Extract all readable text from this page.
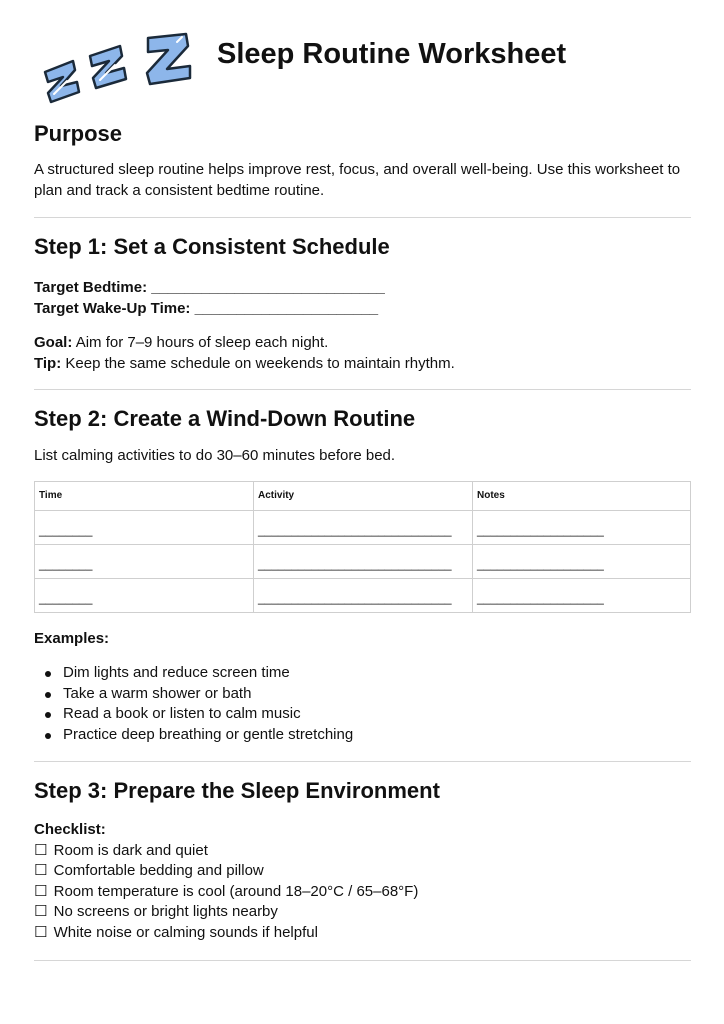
Sleep Routine Worksheet
Purpose

A structured sleep routine helps improve rest, focus, and overall well-being. Use this worksheet to plan and track a consistent bedtime routine.

Step 1: Set a Consistent Schedule
Target Bedtime: ____________________________
Target Wake-Up Time: ______________________
Goal: Aim for 7–9 hours of sleep each night.
Tip: Keep the same schedule on weekends to maintain rhythm.
Step 2: Create a Wind-Down Routine

List calming activities to do 30–60 minutes before bed.

Time	Activity	Notes
________	_____________________________	___________________
________	_____________________________	___________________
________	_____________________________	___________________

Examples:

Dim lights and reduce screen time
Take a warm shower or bath
Read a book or listen to calm music
Practice deep breathing or gentle stretching
Step 3: Prepare the Sleep Environment
Checklist:
☐ Room is dark and quiet
☐ Comfortable bedding and pillow
☐ Room temperature is cool (around 18–20°C / 65–68°F)
☐ No screens or bright lights nearby
☐ White noise or calming sounds if helpful
